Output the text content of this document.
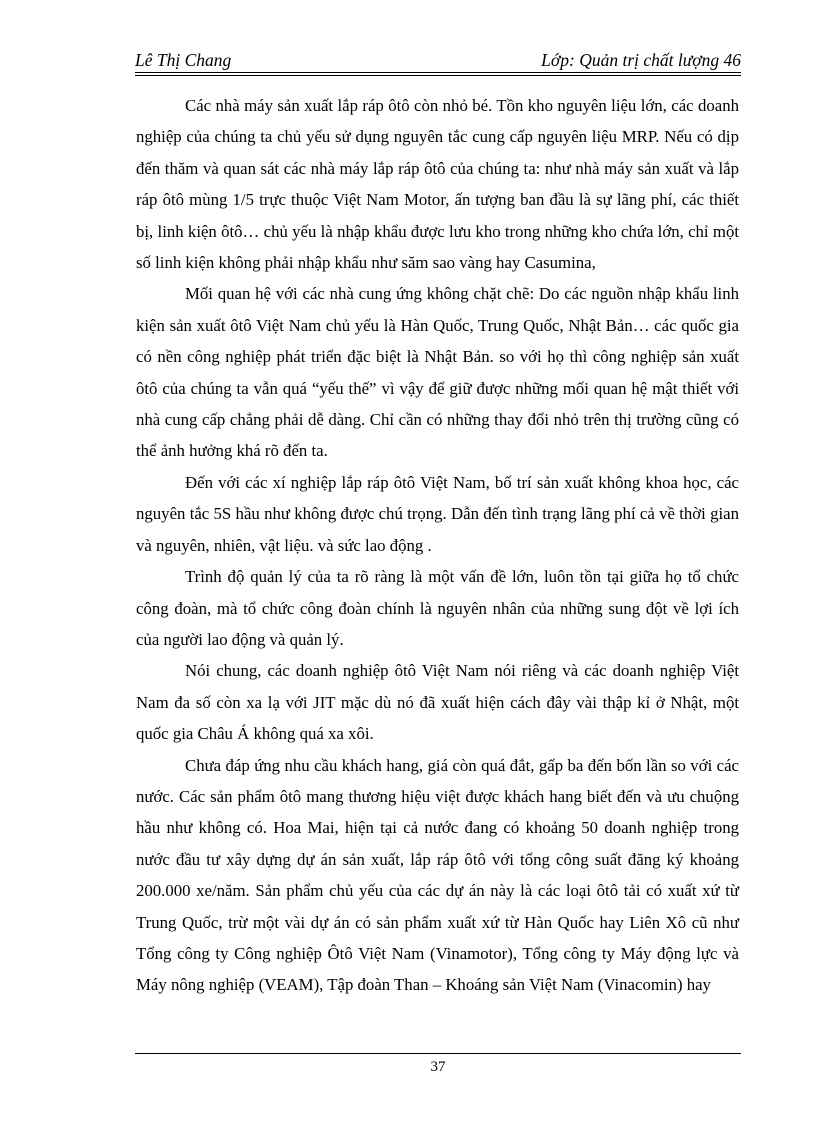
Lê Thị Chang	Lớp: Quản trị chất lượng 46

Các nhà máy sản xuất lắp ráp ôtô còn nhỏ bé. Tồn kho nguyên liệu lớn, các doanh nghiệp của chúng ta chủ yếu sử dụng nguyên tắc cung cấp nguyên liệu MRP. Nếu có dịp đến thăm và quan sát các nhà máy lắp ráp ôtô của chúng ta: như nhà máy sản xuất và lắp ráp ôtô mùng 1/5 trực thuộc Việt Nam Motor, ấn tượng ban đầu là sự lãng phí, các thiết bị, linh kiện ôtô… chủ yếu là nhập khẩu được lưu kho trong những kho chứa lớn, chỉ một số linh kiện không phải nhập khẩu như săm sao vàng hay Casumina,

Mối quan hệ với các nhà cung ứng không chặt chẽ: Do các nguồn nhập khẩu linh kiện sản xuất ôtô Việt Nam chủ yếu là Hàn Quốc, Trung Quốc, Nhật Bản… các quốc gia có nền công nghiệp phát triển đặc biệt là Nhật Bản. so với họ thì công nghiệp sản xuất ôtô của chúng ta vẫn quá “yếu thế” vì vậy để giữ được những mối quan hệ mật thiết với nhà cung cấp chẳng phải dễ dàng. Chỉ cần có những thay đổi nhỏ trên thị trường cũng có thể ảnh hưởng khá rõ đến ta.

Đến với các xí nghiệp lắp ráp ôtô Việt Nam, bố trí sản xuất không khoa học, các nguyên tắc 5S hầu như không được chú trọng. Dẫn đến tình trạng lãng phí cả về thời gian và nguyên, nhiên, vật liệu. và sức lao động .

Trình độ quản lý của ta rõ ràng là một vấn đề lớn, luôn tồn tại giữa họ tổ chức công đoàn, mà tổ chức công đoàn chính là nguyên nhân của những sung đột về lợi ích của người lao động và quản lý.

Nói chung, các doanh nghiệp ôtô Việt Nam nói riêng và các doanh nghiệp Việt Nam đa số còn xa lạ với JIT mặc dù nó đã xuất hiện cách đây vài thập kỉ ở Nhật, một quốc gia Châu Á không quá xa xôi.

Chưa đáp ứng nhu cầu khách hang, giá còn quá đắt, gấp ba đến bốn lần so với các nước. Các sản phẩm ôtô mang thương hiệu việt được khách hang biết đến và ưu chuộng hầu như không có. Hoa Mai, hiện tại cả nước đang có khoảng 50 doanh nghiệp trong nước đầu tư xây dựng dự án sản xuất, lắp ráp ôtô với tổng công suất đăng ký khoảng 200.000 xe/năm. Sản phẩm chủ yếu của các dự án này là các loại ôtô tải có xuất xứ từ Trung Quốc, trừ một vài dự án có sản phẩm xuất xứ từ Hàn Quốc hay Liên Xô cũ như Tổng công ty Công nghiệp Ôtô Việt Nam (Vinamotor), Tổng công ty Máy động lực và Máy nông nghiệp (VEAM), Tập đoàn Than – Khoáng sản Việt Nam (Vinacomin) hay

37
